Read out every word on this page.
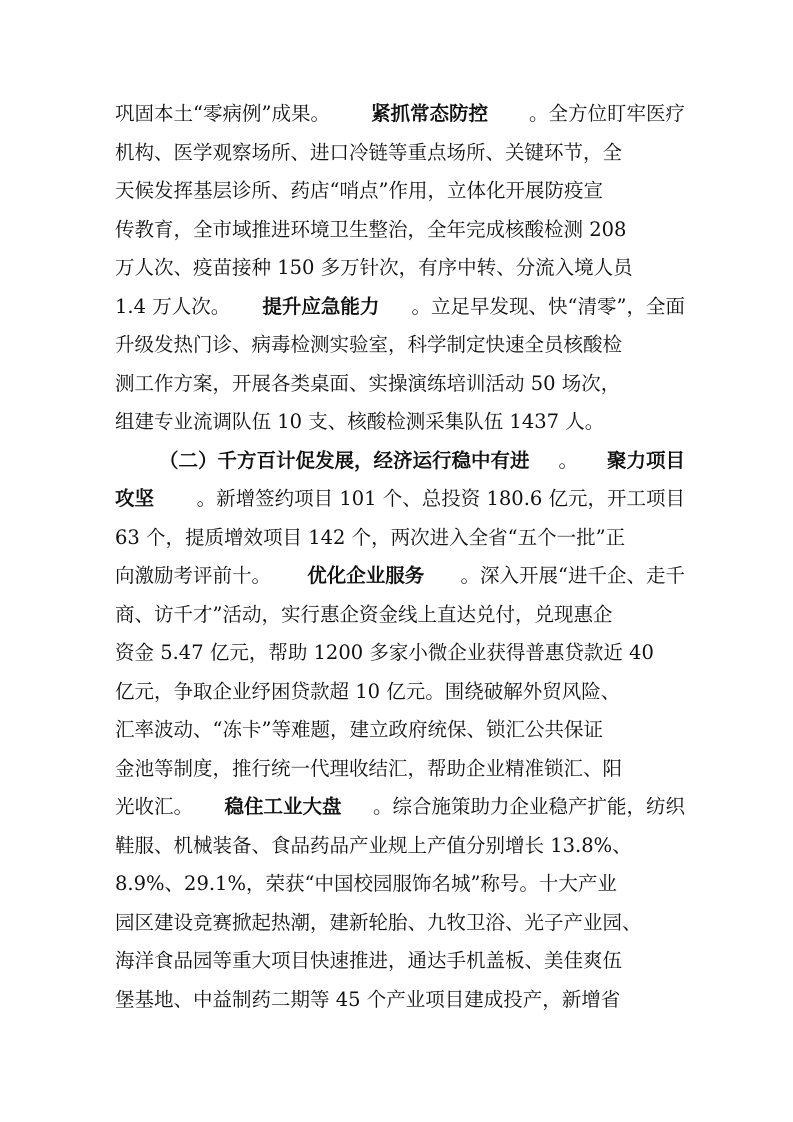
巩固本土“零病例”成果。 紧抓常态防控 。全方位盯牢医疗
机构、医学观察场所、进口冷链等重点场所、关键环节，全
天候发挥基层诊所、药店“哨点”作用，立体化开展防疫宣
传教育，全市域推进环境卫生整治，全年完成核酸检测 208
万人次、疫苗接种 150 多万针次，有序中转、分流入境人员
1.4 万人次。 提升应急能力 。立足早发现、快“清零”，全面
升级发热门诊、病毒检测实验室，科学制定快速全员核酸检
测工作方案，开展各类桌面、实操演练培训活动 50 场次，
组建专业流调队伍 10 支、核酸检测采集队伍 1437 人。
（二）千方百计促发展，经济运行稳中有进 。 聚力项目
攻坚 。新增签约项目 101 个、总投资 180.6 亿元，开工项目
63 个，提质增效项目 142 个，两次进入全省“五个一批”正
向激励考评前十。 优化企业服务 。深入开展“进千企、走千
商、访千才”活动，实行惠企资金线上直达兑付，兑现惠企
资金 5.47 亿元，帮助 1200 多家小微企业获得普惠贷款近 40
亿元，争取企业纾困贷款超 10 亿元。围绕破解外贸风险、
汇率波动、“冻卡”等难题，建立政府统保、锁汇公共保证
金池等制度，推行统一代理收结汇，帮助企业精准锁汇、阳
光收汇。 稳住工业大盘 。综合施策助力企业稳产扩能，纺织
鞋服、机械装备、食品药品产业规上产值分别增长 13.8%、
8.9%、29.1%，荣获“中国校园服饰名城”称号。十大产业
园区建设竞赛掀起热潮，建新轮胎、九牧卫浴、光子产业园、
海洋食品园等重大项目快速推进，通达手机盖板、美佳爽伍
堡基地、中益制药二期等 45 个产业项目建成投产，新增省
